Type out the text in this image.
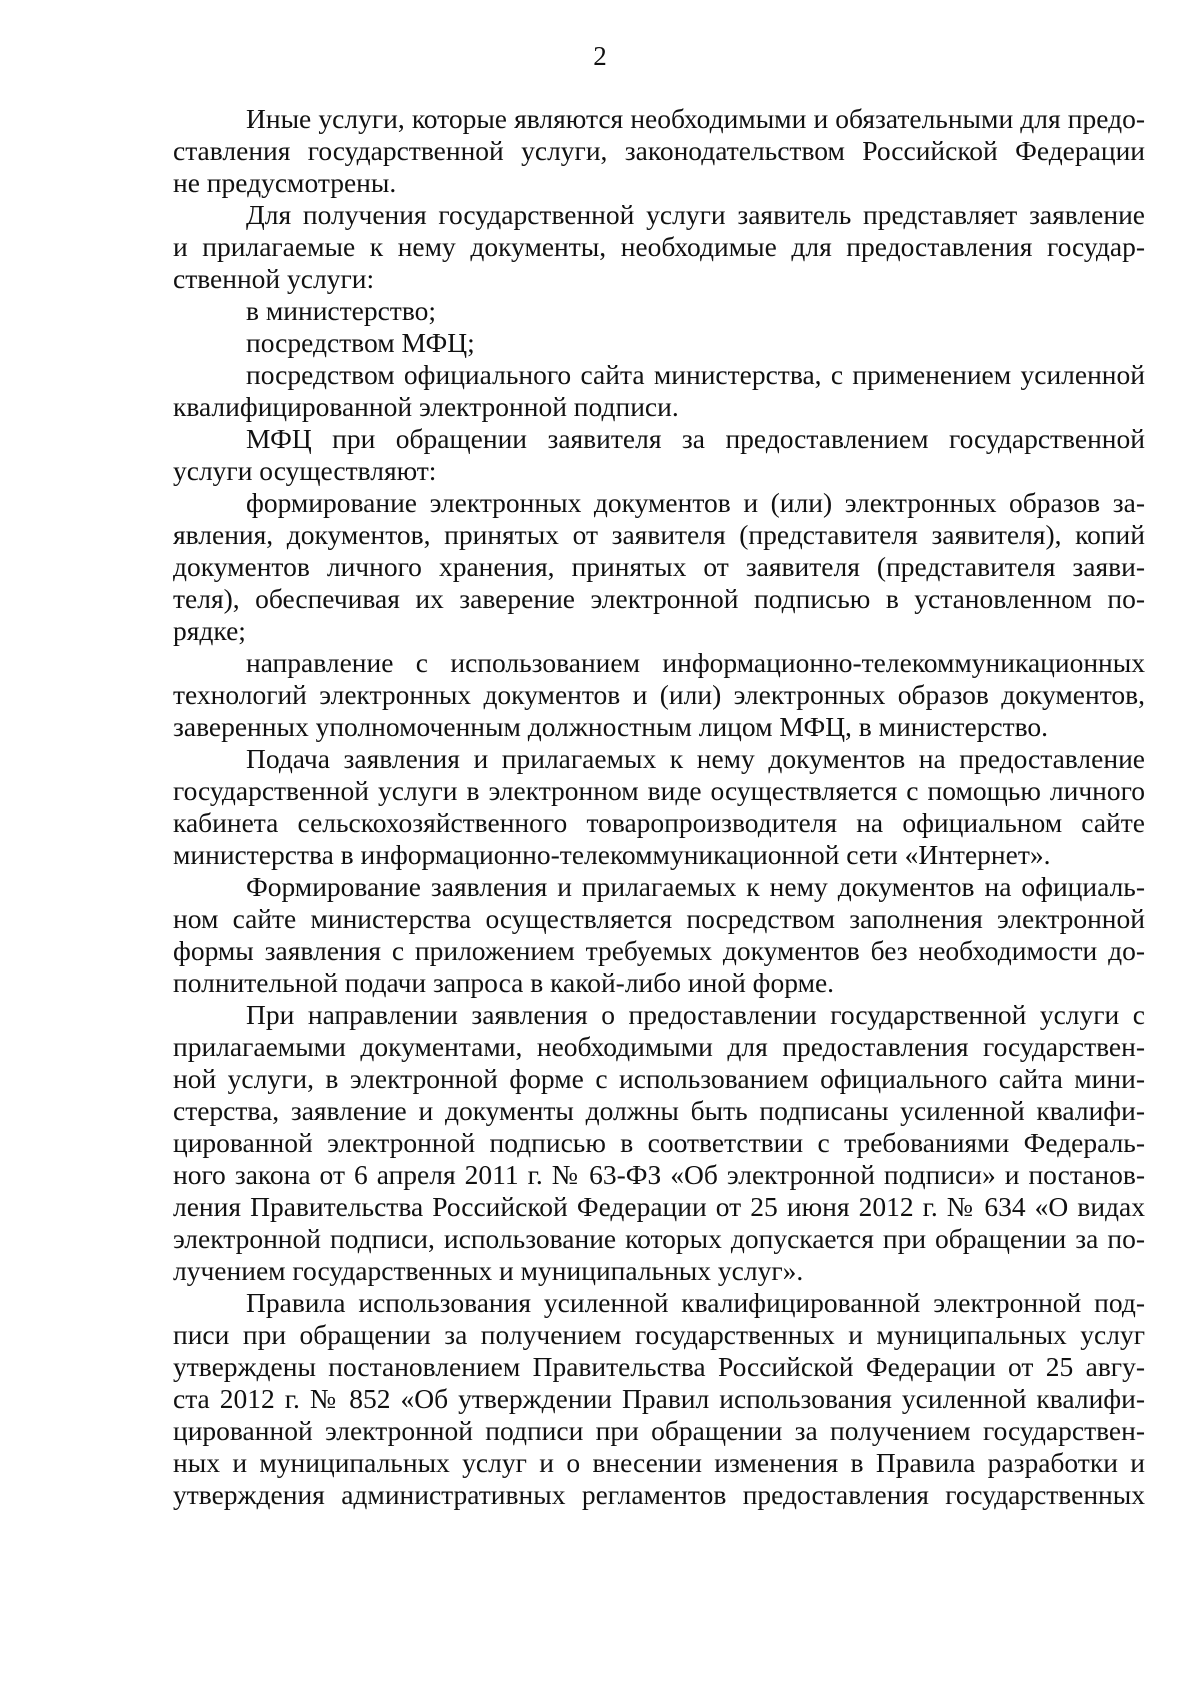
2
Иные услуги, которые являются необходимыми и обязательными для предо-
ставления государственной услуги, законодательством Российской Федерации
не предусмотрены.
Для получения государственной услуги заявитель представляет заявление
и прилагаемые к нему документы, необходимые для предоставления государ-
ственной услуги:
в министерство;
посредством МФЦ;
посредством официального сайта министерства, с применением усиленной
квалифицированной электронной подписи.
МФЦ при обращении заявителя за предоставлением государственной
услуги осуществляют:
формирование электронных документов и (или) электронных образов за-
явления, документов, принятых от заявителя (представителя заявителя), копий
документов личного хранения, принятых от заявителя (представителя заяви-
теля), обеспечивая их заверение электронной подписью в установленном по-
рядке;
направление с использованием информационно-телекоммуникационных
технологий электронных документов и (или) электронных образов документов,
заверенных уполномоченным должностным лицом МФЦ, в министерство.
Подача заявления и прилагаемых к нему документов на предоставление
государственной услуги в электронном виде осуществляется с помощью личного
кабинета сельскохозяйственного товаропроизводителя на официальном сайте
министерства в информационно-телекоммуникационной сети «Интернет».
Формирование заявления и прилагаемых к нему документов на официаль-
ном сайте министерства осуществляется посредством заполнения электронной
формы заявления с приложением требуемых документов без необходимости до-
полнительной подачи запроса в какой-либо иной форме.
При направлении заявления о предоставлении государственной услуги с
прилагаемыми документами, необходимыми для предоставления государствен-
ной услуги, в электронной форме с использованием официального сайта мини-
стерства, заявление и документы должны быть подписаны усиленной квалифи-
цированной электронной подписью в соответствии с требованиями Федераль-
ного закона от 6 апреля 2011 г. № 63-ФЗ «Об электронной подписи» и постанов-
ления Правительства Российской Федерации от 25 июня 2012 г. № 634 «О видах
электронной подписи, использование которых допускается при обращении за по-
лучением государственных и муниципальных услуг».
Правила использования усиленной квалифицированной электронной под-
писи при обращении за получением государственных и муниципальных услуг
утверждены постановлением Правительства Российской Федерации от 25 авгу-
ста 2012 г. № 852 «Об утверждении Правил использования усиленной квалифи-
цированной электронной подписи при обращении за получением государствен-
ных и муниципальных услуг и о внесении изменения в Правила разработки и
утверждения административных регламентов предоставления государственных
